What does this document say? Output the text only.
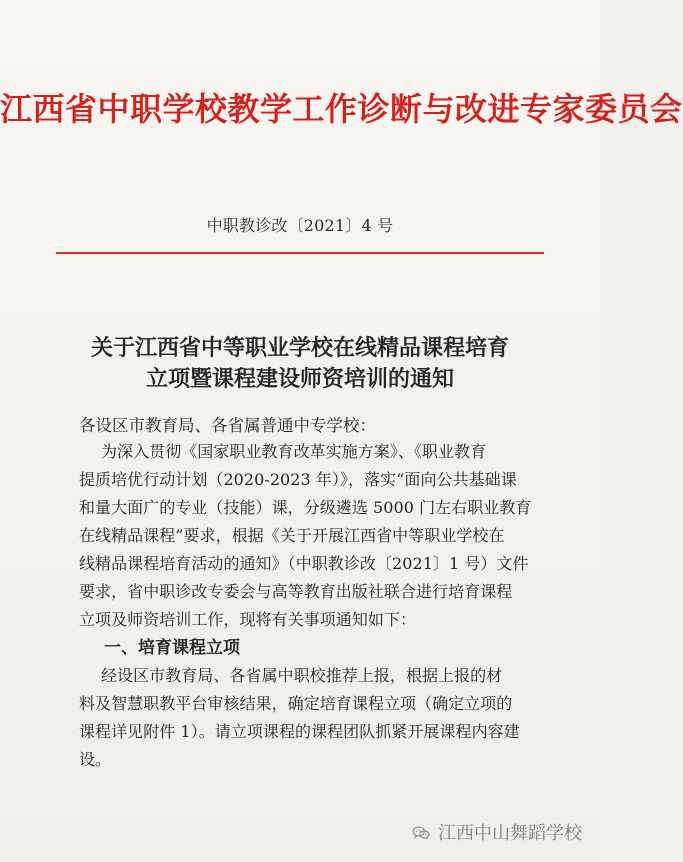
江西省中职学校教学工作诊断与改进专家委员会
中职教诊改〔2021〕4 号
关于江西省中等职业学校在线精品课程培育
立项暨课程建设师资培训的通知
各设区市教育局、各省属普通中专学校：
为深入贯彻《国家职业教育改革实施方案》、《职业教育
提质培优行动计划（2020-2023 年）》，落实“面向公共基础课
和量大面广的专业（技能）课，分级遴选 5000 门左右职业教育
在线精品课程”要求，根据《关于开展江西省中等职业学校在
线精品课程培育活动的通知》（中职教诊改〔2021〕1 号）文件
要求，省中职诊改专委会与高等教育出版社联合进行培育课程
立项及师资培训工作，现将有关事项通知如下：
一、培育课程立项
经设区市教育局、各省属中职校推荐上报，根据上报的材
料及智慧职教平台审核结果，确定培育课程立项（确定立项的
课程详见附件 1）。请立项课程的课程团队抓紧开展课程内容建
设。
江西中山舞蹈学校
